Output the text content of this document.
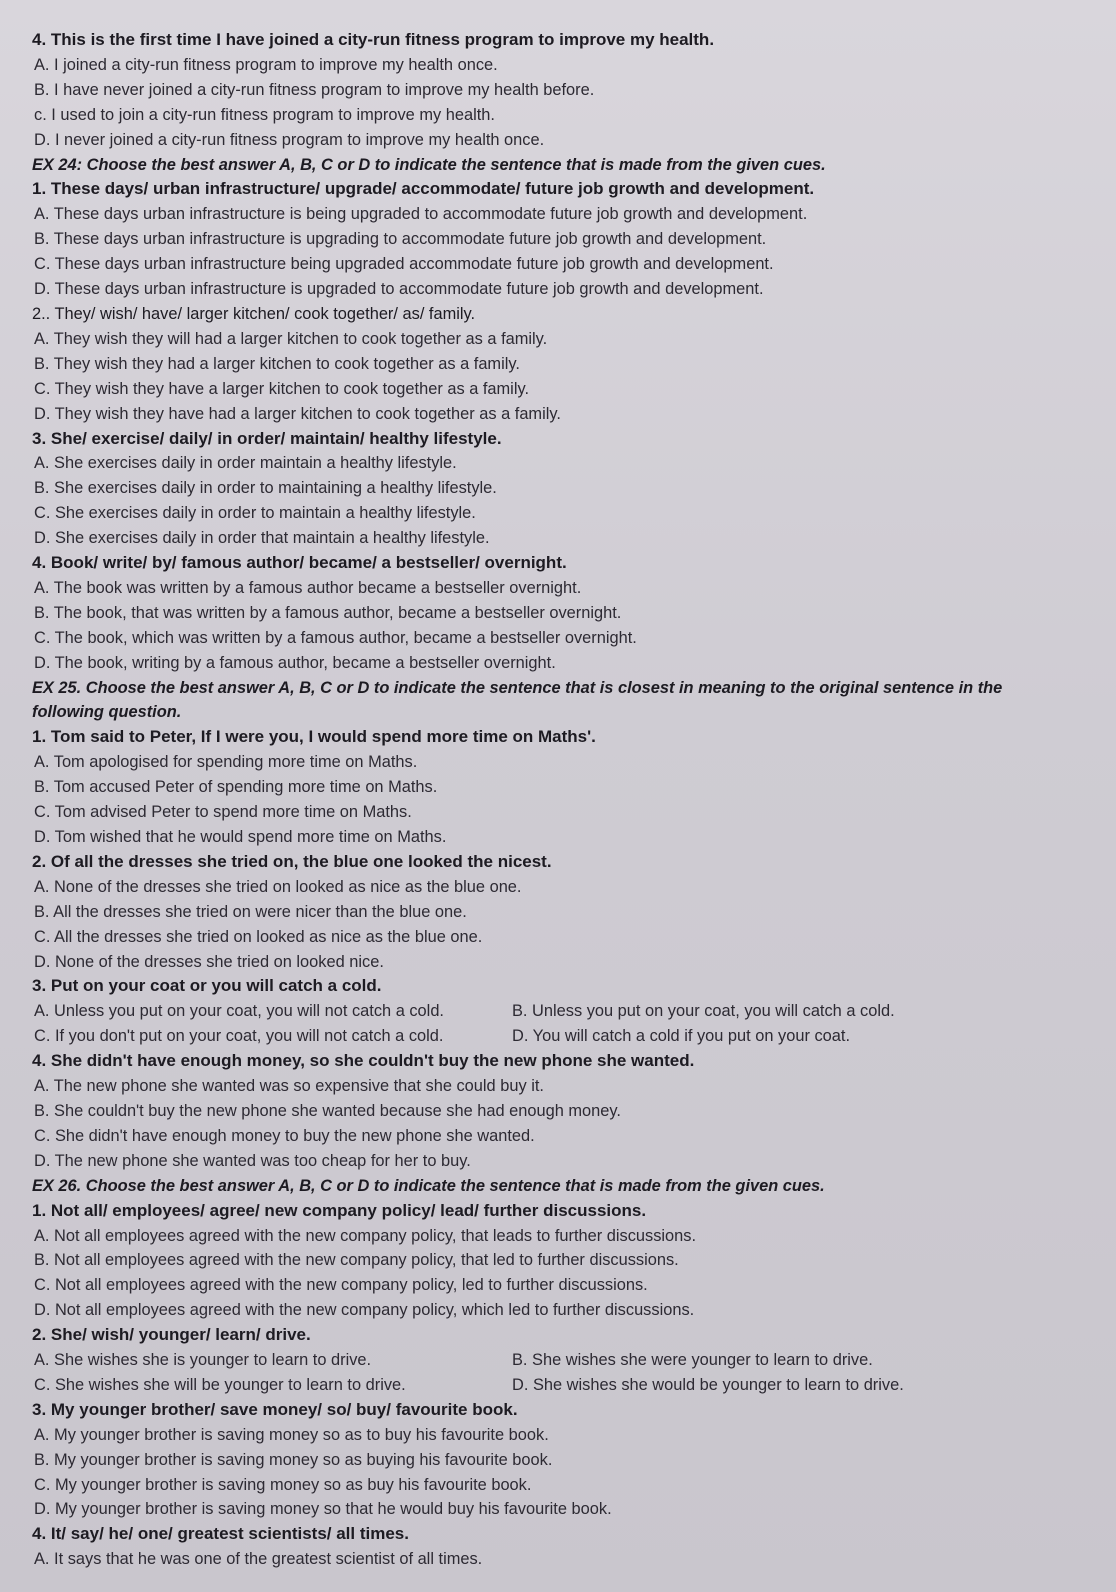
4. This is the first time I have joined a city-run fitness program to improve my health.
A. I joined a city-run fitness program to improve my health once.
B. I have never joined a city-run fitness program to improve my health before.
c. I used to join a city-run fitness program to improve my health.
D. I never joined a city-run fitness program to improve my health once.
EX 24: Choose the best answer A, B, C or D to indicate the sentence that is made from the given cues.
1. These days/ urban infrastructure/ upgrade/ accommodate/ future job growth and development.
A. These days urban infrastructure is being upgraded to accommodate future job growth and development.
B. These days urban infrastructure is upgrading to accommodate future job growth and development.
C. These days urban infrastructure being upgraded accommodate future job growth and development.
D. These days urban infrastructure is upgraded to accommodate future job growth and development.
2.. They/ wish/ have/ larger kitchen/ cook together/ as/ family.
A. They wish they will had a larger kitchen to cook together as a family.
B. They wish they had a larger kitchen to cook together as a family.
C. They wish they have a larger kitchen to cook together as a family.
D. They wish they have had a larger kitchen to cook together as a family.
3. She/ exercise/ daily/ in order/ maintain/ healthy lifestyle.
A. She exercises daily in order maintain a healthy lifestyle.
B. She exercises daily in order to maintaining a healthy lifestyle.
C. She exercises daily in order to maintain a healthy lifestyle.
D. She exercises daily in order that maintain a healthy lifestyle.
4. Book/ write/ by/ famous author/ became/ a bestseller/ overnight.
A. The book was written by a famous author became a bestseller overnight.
B. The book, that was written by a famous author, became a bestseller overnight.
C. The book, which was written by a famous author, became a bestseller overnight.
D. The book, writing by a famous author, became a bestseller overnight.
EX 25. Choose the best answer A, B, C or D to indicate the sentence that is closest in meaning to the original sentence in the following question.
1. Tom said to Peter, If I were you, I would spend more time on Maths'.
A. Tom apologised for spending more time on Maths.
B. Tom accused Peter of spending more time on Maths.
C. Tom advised Peter to spend more time on Maths.
D. Tom wished that he would spend more time on Maths.
2. Of all the dresses she tried on, the blue one looked the nicest.
A. None of the dresses she tried on looked as nice as the blue one.
B. All the dresses she tried on were nicer than the blue one.
C. All the dresses she tried on looked as nice as the blue one.
D. None of the dresses she tried on looked nice.
3. Put on your coat or you will catch a cold.
A. Unless you put on your coat, you will not catch a cold.	B. Unless you put on your coat, you will catch a cold.
C. If you don't put on your coat, you will not catch a cold.	D. You will catch a cold if you put on your coat.
4. She didn't have enough money, so she couldn't buy the new phone she wanted.
A. The new phone she wanted was so expensive that she could buy it.
B. She couldn't buy the new phone she wanted because she had enough money.
C. She didn't have enough money to buy the new phone she wanted.
D. The new phone she wanted was too cheap for her to buy.
EX 26. Choose the best answer A, B, C or D to indicate the sentence that is made from the given cues.
1. Not all/ employees/ agree/ new company policy/ lead/ further discussions.
A. Not all employees agreed with the new company policy, that leads to further discussions.
B. Not all employees agreed with the new company policy, that led to further discussions.
C. Not all employees agreed with the new company policy, led to further discussions.
D. Not all employees agreed with the new company policy, which led to further discussions.
2. She/ wish/ younger/ learn/ drive.
A. She wishes she is younger to learn to drive.	B. She wishes she were younger to learn to drive.
C. She wishes she will be younger to learn to drive.	D. She wishes she would be younger to learn to drive.
3. My younger brother/ save money/ so/ buy/ favourite book.
A. My younger brother is saving money so as to buy his favourite book.
B. My younger brother is saving money so as buying his favourite book.
C. My younger brother is saving money so as buy his favourite book.
D. My younger brother is saving money so that he would buy his favourite book.
4. It/ say/ he/ one/ greatest scientists/ all times.
A. It says that he was one of the greatest scientist of all times.
